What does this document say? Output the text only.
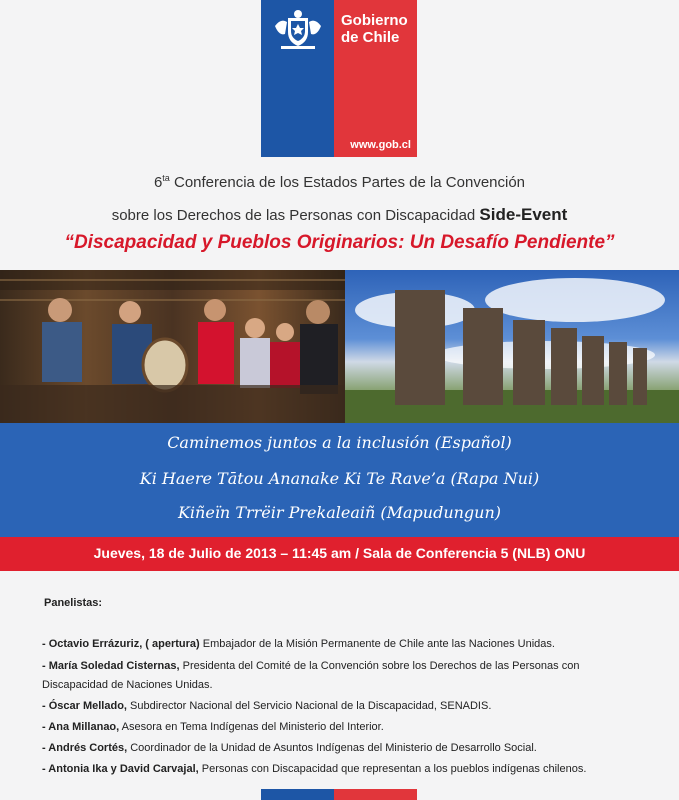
Gobierno
de Chile
www.gob.cl
$6^{ta}$ Conferencia de los Estados Partes de la Convención
sobre los Derechos de las Personas con Discapacidad Side-Event
“Discapacidad y Pueblos Originarios: Un Desafío Pendiente”
Caminemos juntos a la inclusión (Español)
Ki Haere Tātou Ananake Ki Te Rave’a (Rapa Nui)
Kiñeïn Trrëir Prekaleaiñ (Mapudungun)
Jueves, 18 de Julio de 2013 – 11:45 am / Sala de Conferencia 5 (NLB) ONU
Panelistas:
- Octavio Errázuriz, ( apertura) Embajador de la Misión Permanente de Chile ante las Naciones Unidas.
- María Soledad Cisternas, Presidenta del Comité de la Convención sobre los Derechos de las Personas con
Discapacidad de Naciones Unidas.
- Óscar Mellado, Subdirector Nacional del Servicio Nacional de la Discapacidad, SENADIS.
- Ana Millanao, Asesora en Tema Indígenas del Ministerio del Interior.
- Andrés Cortés, Coordinador de la Unidad de Asuntos Indígenas del Ministerio de Desarrollo Social.
- Antonia Ika y David Carvajal, Personas con Discapacidad que representan a los pueblos indígenas chilenos.
